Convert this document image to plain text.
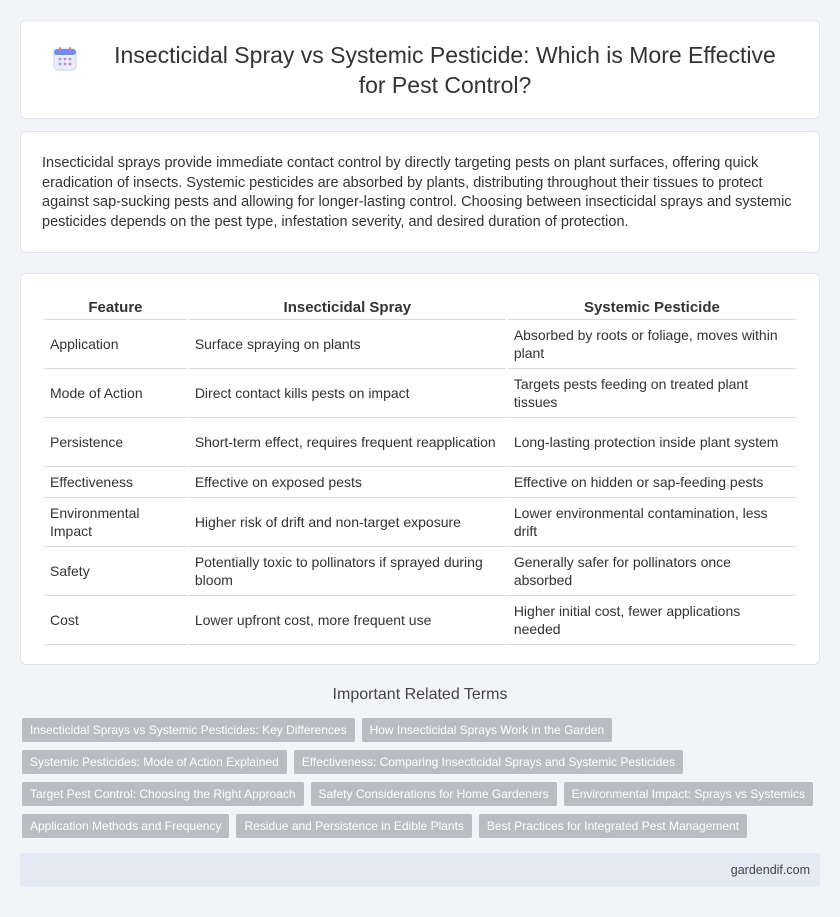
Insecticidal Spray vs Systemic Pesticide: Which is More Effective for Pest Control?

Insecticidal sprays provide immediate contact control by directly targeting pests on plant surfaces, offering quick eradication of insects. Systemic pesticides are absorbed by plants, distributing throughout their tissues to protect against sap-sucking pests and allowing for longer-lasting control. Choosing between insecticidal sprays and systemic pesticides depends on the pest type, infestation severity, and desired duration of protection.

Feature	Insecticidal Spray	Systemic Pesticide
Application	Surface spraying on plants	Absorbed by roots or foliage, moves within plant
Mode of Action	Direct contact kills pests on impact	Targets pests feeding on treated plant tissues
Persistence	Short-term effect, requires frequent reapplication	Long-lasting protection inside plant system
Effectiveness	Effective on exposed pests	Effective on hidden or sap-feeding pests
Environmental Impact	Higher risk of drift and non-target exposure	Lower environmental contamination, less drift
Safety	Potentially toxic to pollinators if sprayed during bloom	Generally safer for pollinators once absorbed
Cost	Lower upfront cost, more frequent use	Higher initial cost, fewer applications needed
Important Related Terms
Insecticidal Sprays vs Systemic Pesticides: Key Differences	How Insecticidal Sprays Work in the Garden
Systemic Pesticides: Mode of Action Explained	Effectiveness: Comparing Insecticidal Sprays and Systemic Pesticides
Target Pest Control: Choosing the Right Approach	Safety Considerations for Home Gardeners	Environmental Impact: Sprays vs Systemics
Application Methods and Frequency	Residue and Persistence in Edible Plants	Best Practices for Integrated Pest Management
gardendif.com
